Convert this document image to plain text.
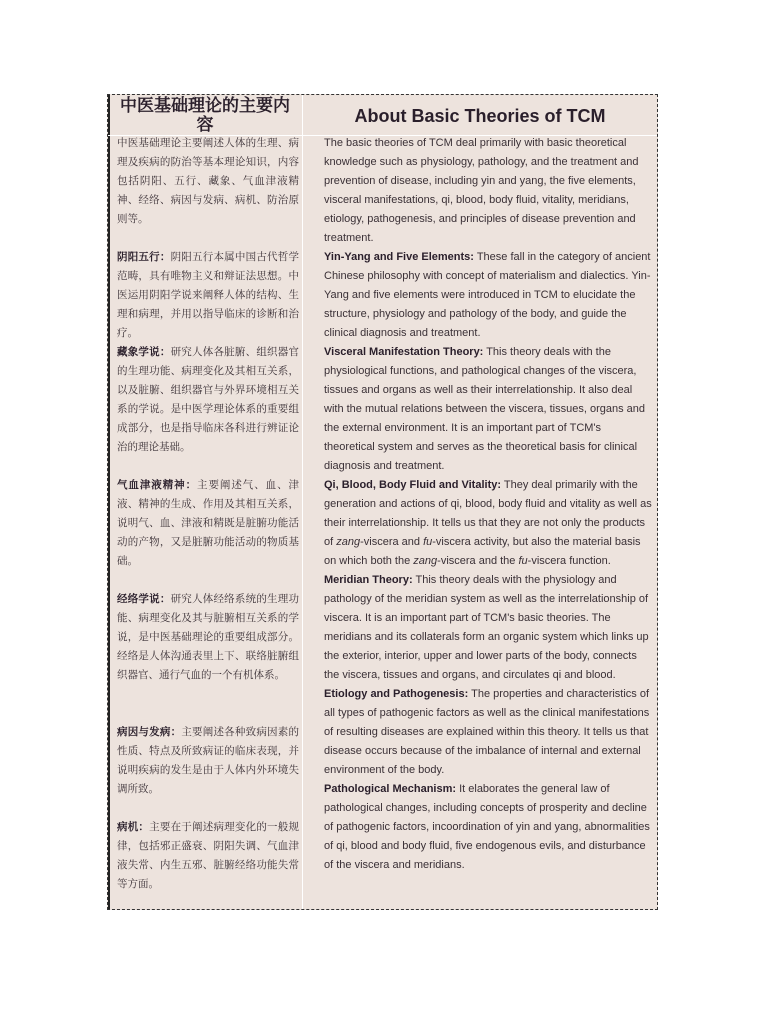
中医基础理论的主要内容	About Basic Theories of TCM
中医基础理论主要阐述人体的生理、病理及疾病的防治等基本理论知识，内容包括阴阳、五行、藏象、气血津液精神、经络、病因与发病、病机、防治原则等。
阴阳五行：阴阳五行本属中国古代哲学范畴，具有唯物主义和辩证法思想。中医运用阴阳学说来阐释人体的结构、生理和病理，并用以指导临床的诊断和治疗。
藏象学说：研究人体各脏腑、组织器官的生理功能、病理变化及其相互关系，以及脏腑、组织器官与外界环境相互关系的学说。是中医学理论体系的重要组成部分，也是指导临床各科进行辨证论治的理论基础。
气血津液精神：主要阐述气、血、津液、精神的生成、作用及其相互关系，说明气、血、津液和精既是脏腑功能活动的产物，又是脏腑功能活动的物质基础。
经络学说：研究人体经络系统的生理功能、病理变化及其与脏腑相互关系的学说，是中医基础理论的重要组成部分。经络是人体沟通表里上下、联络脏腑组织器官、通行气血的一个有机体系。
病因与发病：主要阐述各种致病因素的性质、特点及所致病证的临床表现，并说明疾病的发生是由于人体内外环境失调所致。
病机：主要在于阐述病理变化的一般规律，包括邪正盛衰、阴阳失调、气血津液失常、内生五邪、脏腑经络功能失常等方面。

The basic theories of TCM deal primarily with basic theoretical knowledge such as physiology, pathology, and the treatment and prevention of disease, including yin and yang, the five elements, visceral manifestations, qi, blood, body fluid, vitality, meridians, etiology, pathogenesis, and principles of disease prevention and treatment.

Yin-Yang and Five Elements: These fall in the category of ancient Chinese philosophy with concept of materialism and dialectics. Yin-Yang and five elements were introduced in TCM to elucidate the structure, physiology and pathology of the body, and guide the clinical diagnosis and treatment.

Visceral Manifestation Theory: This theory deals with the physiological functions, and pathological changes of the viscera, tissues and organs as well as their interrelationship. It also deal with the mutual relations between the viscera, tissues, organs and the external environment. It is an important part of TCM's theoretical system and serves as the theoretical basis for clinical diagnosis and treatment.

Qi, Blood, Body Fluid and Vitality: They deal primarily with the generation and actions of qi, blood, body fluid and vitality as well as their interrelationship. It tells us that they are not only the products of zang-viscera and fu-viscera activity, but also the material basis on which both the zang-viscera and the fu-viscera function.

Meridian Theory: This theory deals with the physiology and pathology of the meridian system as well as the interrelationship of viscera. It is an important part of TCM's basic theories. The meridians and its collaterals form an organic system which links up the exterior, interior, upper and lower parts of the body, connects the viscera, tissues and organs, and circulates qi and blood.

Etiology and Pathogenesis: The properties and characteristics of all types of pathogenic factors as well as the clinical manifestations of resulting diseases are explained within this theory. It tells us that disease occurs because of the imbalance of internal and external environment of the body.

Pathological Mechanism: It elaborates the general law of pathological changes, including concepts of prosperity and decline of pathogenic factors, incoordination of yin and yang, abnormalities of qi, blood and body fluid, five endogenous evils, and disturbance of the viscera and meridians.
